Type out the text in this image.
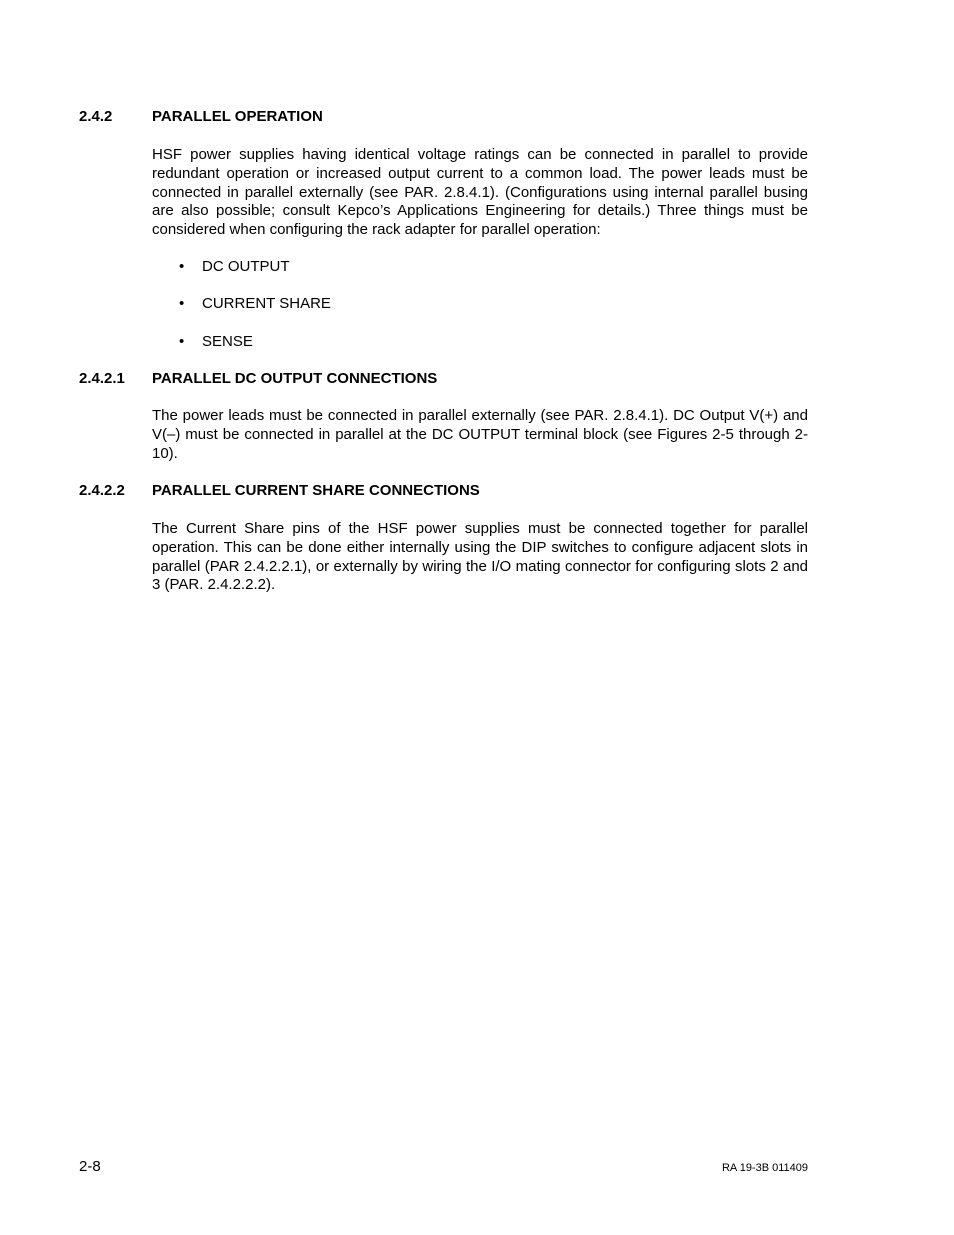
2.4.2	PARALLEL OPERATION
HSF power supplies having identical voltage ratings can be connected in parallel to provide redundant operation or increased output current to a common load. The power leads must be connected in parallel externally (see PAR. 2.8.4.1). (Configurations using internal parallel busing are also possible; consult Kepco’s Applications Engineering for details.) Three things must be considered when configuring the rack adapter for parallel operation:
• DC OUTPUT
• CURRENT SHARE
• SENSE
2.4.2.1 PARALLEL DC OUTPUT CONNECTIONS
The power leads must be connected in parallel externally (see PAR. 2.8.4.1). DC Output V(+) and V(–) must be connected in parallel at the DC OUTPUT terminal block (see Figures 2-5 through 2-10).
2.4.2.2 PARALLEL CURRENT SHARE CONNECTIONS
The Current Share pins of the HSF power supplies must be connected together for parallel operation. This can be done either internally using the DIP switches to configure adjacent slots in parallel (PAR 2.4.2.2.1), or externally by wiring the I/O mating connector for configuring slots 2 and 3 (PAR. 2.4.2.2.2).
2-8	RA 19-3B 011409
